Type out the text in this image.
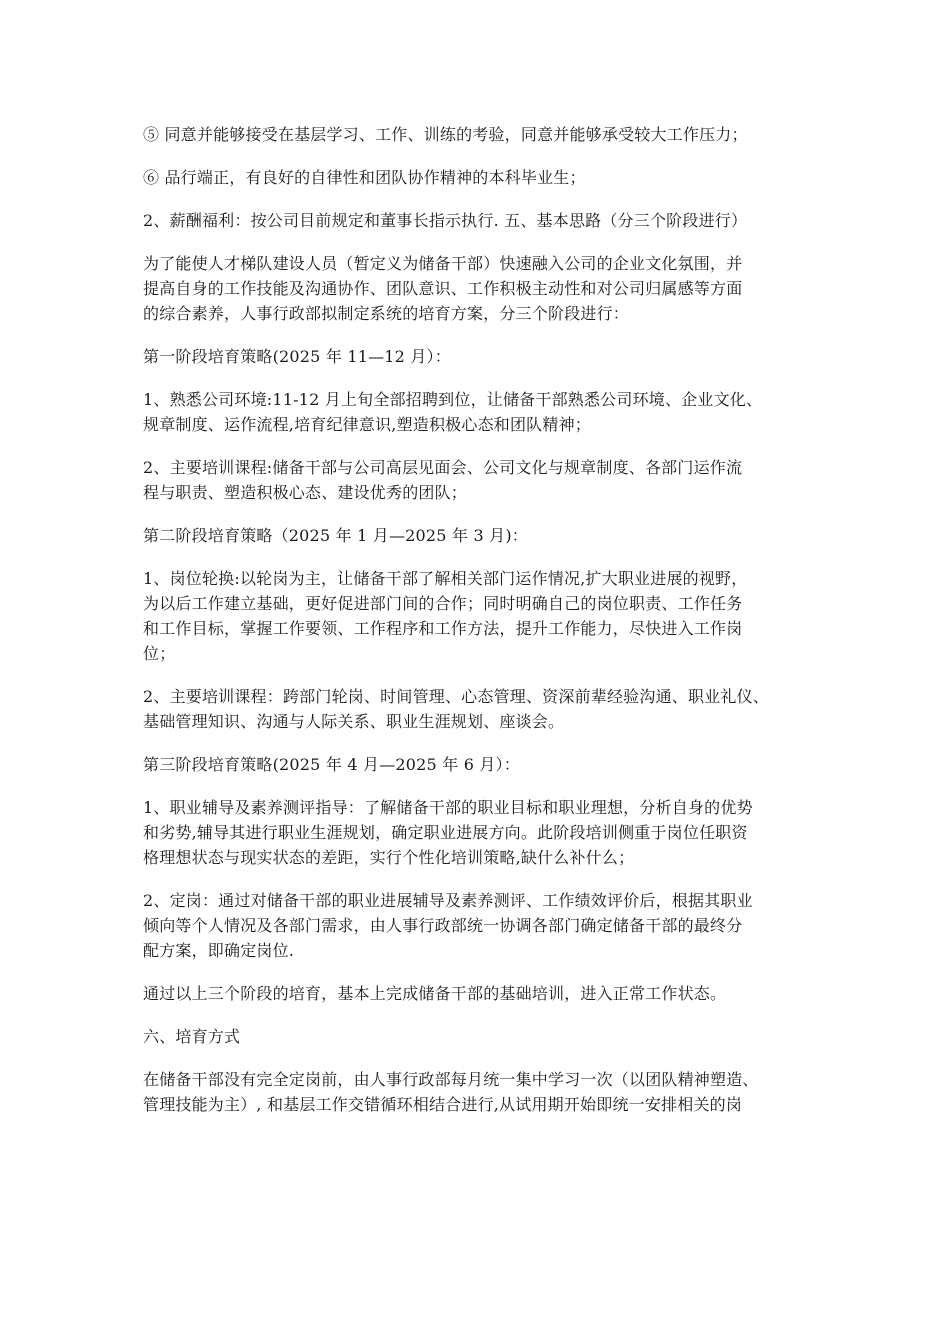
⑤ 同意并能够接受在基层学习、工作、训练的考验，同意并能够承受较大工作压力；

⑥ 品行端正，有良好的自律性和团队协作精神的本科毕业生；

2、薪酬福利：按公司目前规定和董事长指示执行. 五、基本思路（分三个阶段进行）

为了能使人才梯队建设人员（暂定义为储备干部）快速融入公司的企业文化氛围，并
提高自身的工作技能及沟通协作、团队意识、工作积极主动性和对公司归属感等方面
的综合素养，人事行政部拟制定系统的培育方案，分三个阶段进行：

第一阶段培育策略(2025 年 11—12 月）：

1、熟悉公司环境:11-12 月上旬全部招聘到位，让储备干部熟悉公司环境、企业文化、
规章制度、运作流程,培育纪律意识,塑造积极心态和团队精神；

2、主要培训课程:储备干部与公司高层见面会、公司文化与规章制度、各部门运作流
程与职责、塑造积极心态、建设优秀的团队；

第二阶段培育策略（2025 年 1 月—2025 年 3 月)：

1、岗位轮换:以轮岗为主，让储备干部了解相关部门运作情况,扩大职业进展的视野，
为以后工作建立基础，更好促进部门间的合作；同时明确自己的岗位职责、工作任务
和工作目标，掌握工作要领、工作程序和工作方法，提升工作能力，尽快进入工作岗
位；

2、主要培训课程：跨部门轮岗、时间管理、心态管理、资深前辈经验沟通、职业礼仪、
基础管理知识、沟通与人际关系、职业生涯规划、座谈会。

第三阶段培育策略(2025 年 4 月—2025 年 6 月）：

1、职业辅导及素养测评指导：了解储备干部的职业目标和职业理想，分析自身的优势
和劣势,辅导其进行职业生涯规划，确定职业进展方向。此阶段培训侧重于岗位任职资
格理想状态与现实状态的差距，实行个性化培训策略,缺什么补什么；

2、定岗：通过对储备干部的职业进展辅导及素养测评、工作绩效评价后，根据其职业
倾向等个人情况及各部门需求，由人事行政部统一协调各部门确定储备干部的最终分
配方案，即确定岗位.

通过以上三个阶段的培育，基本上完成储备干部的基础培训，进入正常工作状态。

六、培育方式

在储备干部没有完全定岗前，由人事行政部每月统一集中学习一次（以团队精神塑造、
管理技能为主）, 和基层工作交错循环相结合进行,从试用期开始即统一安排相关的岗
